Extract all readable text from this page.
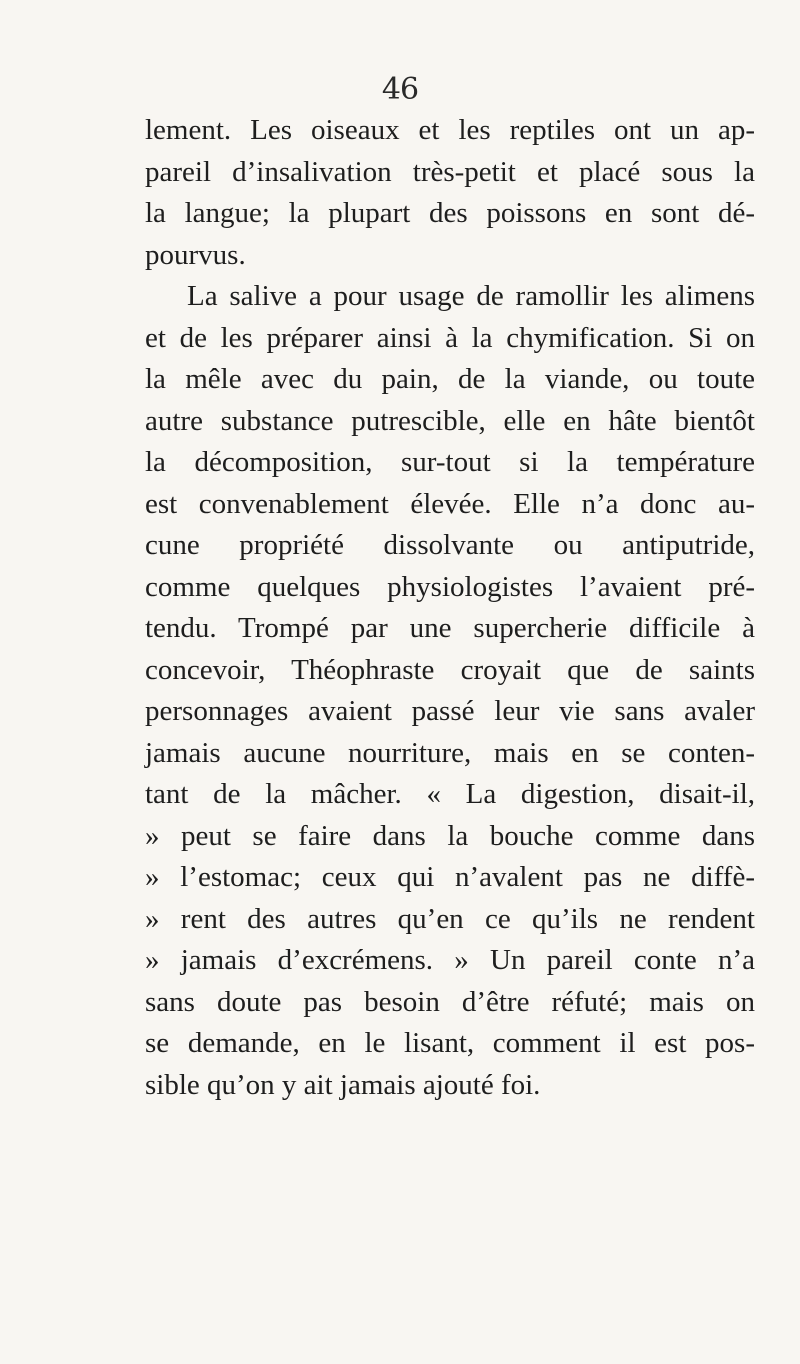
46
lement. Les oiseaux et les reptiles ont un ap-
pareil d’insalivation très-petit et placé sous la
la langue; la plupart des poissons en sont dé-
pourvus.
La salive a pour usage de ramollir les alimens
et de les préparer ainsi à la chymification. Si on
la mêle avec du pain, de la viande, ou toute
autre substance putrescible, elle en hâte bientôt
la décomposition, sur-tout si la température
est convenablement élevée. Elle n’a donc au-
cune propriété dissolvante ou antiputride,
comme quelques physiologistes l’avaient pré-
tendu. Trompé par une supercherie difficile à
concevoir, Théophraste croyait que de saints
personnages avaient passé leur vie sans avaler
jamais aucune nourriture, mais en se conten-
tant de la mâcher. « La digestion, disait-il,
» peut se faire dans la bouche comme dans
» l’estomac; ceux qui n’avalent pas ne diffè-
» rent des autres qu’en ce qu’ils ne rendent
» jamais d’excrémens. » Un pareil conte n’a
sans doute pas besoin d’être réfuté; mais on
se demande, en le lisant, comment il est pos-
sible qu’on y ait jamais ajouté foi.
